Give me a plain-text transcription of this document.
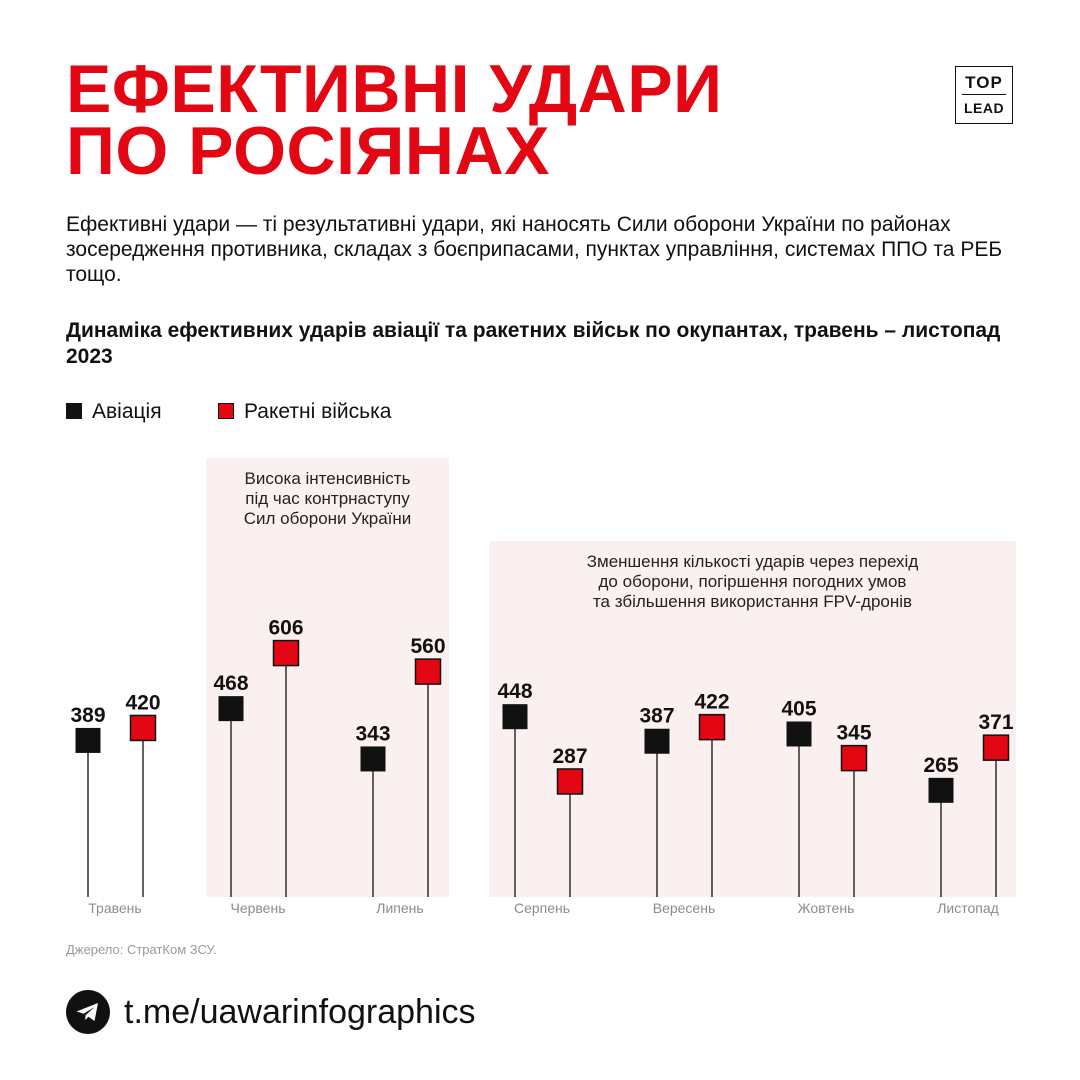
ЕФЕКТИВНІ УДАРИ
ПО РОСІЯНАХ
TOP
LEAD

Ефективні удари — ті результативні удари, які наносять Сили оборони України по районах зосередження противника, складах з боєприпасами, пунктах управління, системах ППО та РЕБ тощо.

Динаміка ефективних ударів авіації та ракетних військ по окупантах, травень – листопад 2023

Авіація	Ракетні війська
Висока інтенсивність
під час контрнаступу
Сил оборони України
Зменшення кількості ударів через перехід
до оборони, погіршення погодних умов
та збільшення використання FPV-дронів
389
420
Травень
468
606
Червень
343
560
Липень
448
287
Серпень
387
422
Вересень
405
345
Жовтень
265
371
Листопад

Джерело: СтратКом ЗСУ.

t.me/uawarinfographics
